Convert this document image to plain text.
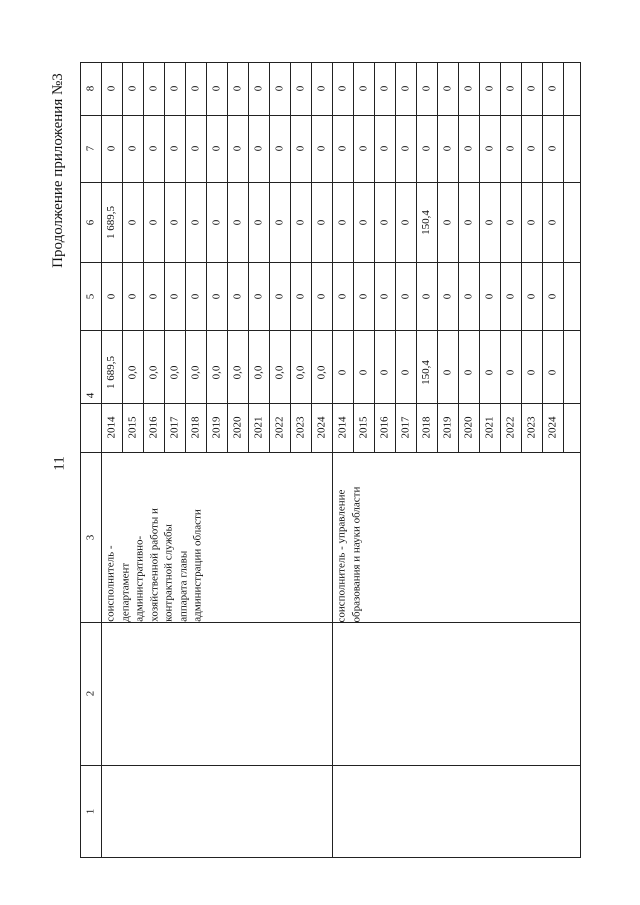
11
Продолжение приложения №3
1
2
3
4
5
6
7
8
2014
1 689,5
0
1 689,5
0
0
2015
0,0
0
0
0
0
2016
0,0
0
0
0
0
2017
0,0
0
0
0
0
2018
0,0
0
0
0
0
2019
0,0
0
0
0
0
2020
0,0
0
0
0
0
2021
0,0
0
0
0
0
2022
0,0
0
0
0
0
2023
0,0
0
0
0
0
2024
0,0
0
0
0
0
соисполнитель - департамент административно- хозяйственной работы и контрактной службы аппарата главы администрации области
2014
0
0
0
0
0
2015
0
0
0
0
0
2016
0
0
0
0
0
2017
0
0
0
0
0
2018
150,4
0
150,4
0
0
2019
0
0
0
0
0
2020
0
0
0
0
0
2021
0
0
0
0
0
2022
0
0
0
0
0
2023
0
0
0
0
0
2024
0
0
0
0
0
соисполнитель - управление образования и науки области
